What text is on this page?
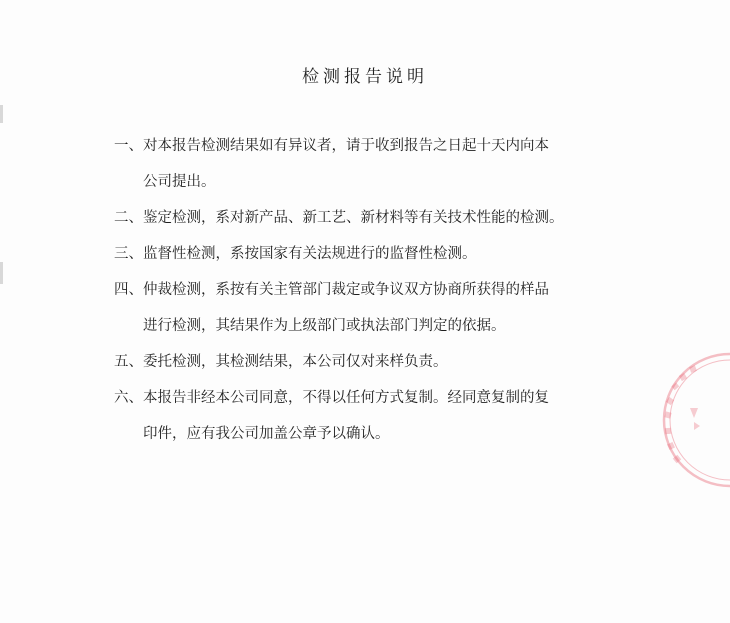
检测报告说明
一、 对本报告检测结果如有异议者，请于收到报告之日起十天内向本
公司提出。
二、 鉴定检测，系对新产品、新工艺、新材料等有关技术性能的检测。
三、 监督性检测，系按国家有关法规进行的监督性检测。
四、 仲裁检测，系按有关主管部门裁定或争议双方协商所获得的样品
进行检测，其结果作为上级部门或执法部门判定的依据。
五、 委托检测，其检测结果，本公司仅对来样负责。
六、 本报告非经本公司同意，不得以任何方式复制。经同意复制的复
印件，应有我公司加盖公章予以确认。
